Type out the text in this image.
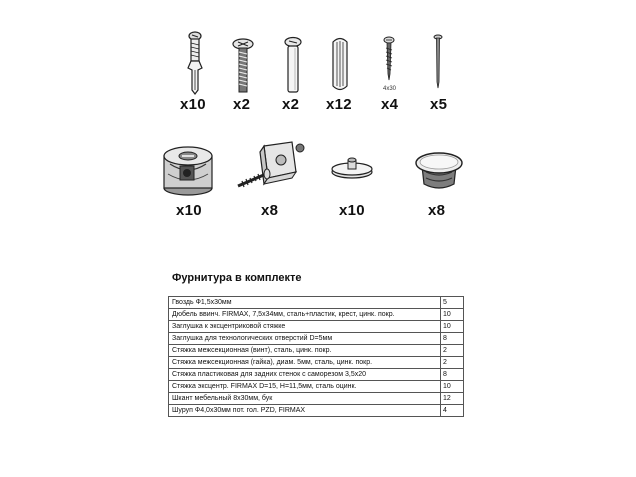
x10 x2 x2 x12
4x30
x4 x5
x10	x8	x10	x8
Фурнитура в комплекте
Гвоздь Ф1,5х30мм	5
Дюбель ввинч. FIRMAX, 7,5х34мм, сталь+пластик, крест, цинк. покр.	10
Заглушка к эксцентриковой стяжке	10
Заглушка для технологических отверстий D=5мм	8
Стяжка межсекционная (винт), сталь, цинк. покр.	2
Стяжка межсекционная (гайка), диам. 5мм, сталь, цинк. покр.	2
Стяжка пластиковая для задних стенок с саморезом 3,5х20	8
Стяжка эксцентр. FIRMAX D=15, H=11,5мм, сталь оцинк.	10
Шкант мебельный 8х30мм, бук	12
Шуруп Ф4,0х30мм пот. гол. PZD, FIRMAX	4
